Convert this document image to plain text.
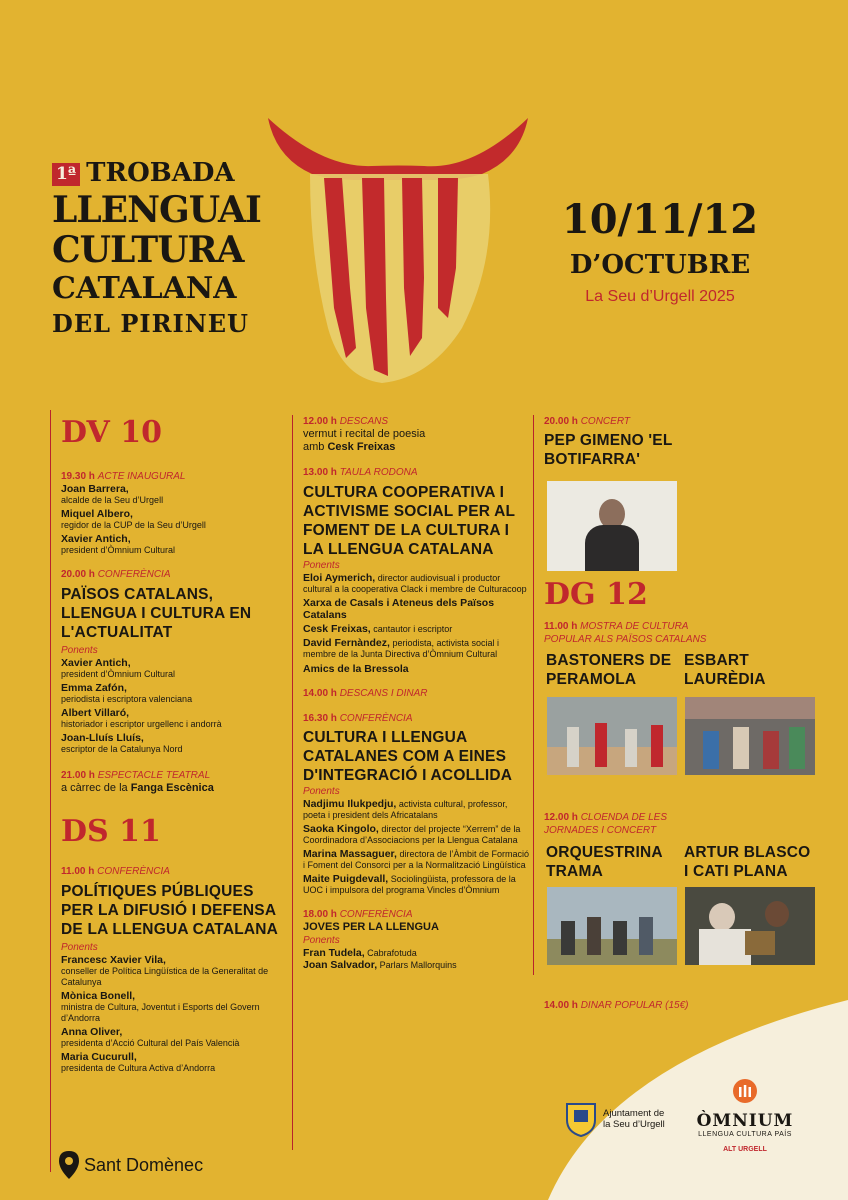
1ª TROBADA
LLENGUAI
CULTURA
CATALANA
DEL PIRINEU
10/11/12
D’OCTUBRE
La Seu d’Urgell 2025
DV 10
19.30 h ACTE INAUGURAL
Joan Barrera,
alcalde de la Seu d’Urgell
Miquel Albero,
regidor de la CUP de la Seu d’Urgell
Xavier Antich,
president d’Òmnium Cultural
20.00 h CONFERÈNCIA
PAÏSOS CATALANS, LLENGUA I CULTURA EN L'ACTUALITAT
Ponents
Xavier Antich,
president d’Òmnium Cultural
Emma Zafón,
periodista i escriptora valenciana
Albert Villaró,
historiador i escriptor urgellenc i andorrà
Joan-Lluís Lluís,
escriptor de la Catalunya Nord
21.00 h ESPECTACLE TEATRAL
a càrrec de la Fanga Escènica
DS 11
11.00 h CONFERÈNCIA
POLÍTIQUES PÚBLIQUES PER LA DIFUSIÓ I DEFENSA DE LA LLENGUA CATALANA
Ponents
Francesc Xavier Vila,
conseller de Política Lingüística de la Generalitat de Catalunya
Mònica Bonell,
ministra de Cultura, Joventut i Esports del Govern d’Andorra
Anna Oliver,
presidenta d’Acció Cultural del País Valencià
Maria Cucurull,
presidenta de Cultura Activa d’Andorra
12.00 h DESCANS
vermut i recital de poesia
amb Cesk Freixas
13.00 h TAULA RODONA
CULTURA COOPERATIVA I ACTIVISME SOCIAL PER AL FOMENT DE LA CULTURA I LA LLENGUA CATALANA
Ponents
Eloi Aymerich, director audiovisual i productor cultural a la cooperativa Clack i membre de Culturacoop
Xarxa de Casals i Ateneus dels Països Catalans
Cesk Freixas, cantautor i escriptor
David Fernàndez, periodista, activista social i membre de la Junta Directiva d’Òmnium Cultural
Amics de la Bressola
14.00 h DESCANS I DINAR
16.30 h CONFERÈNCIA
CULTURA I LLENGUA CATALANES COM A EINES D'INTEGRACIÓ I ACOLLIDA
Ponents
Nadjimu Ilukpedju, activista cultural, professor, poeta i president dels Africatalans
Saoka Kingolo, director del projecte “Xerrem” de la Coordinadora d’Associacions per la Llengua Catalana
Marina Massaguer, directora de l’Àmbit de Formació i Foment del Consorci per a la Normalització Lingüística
Maite Puigdevall, Sociolingüista, professora de la UOC i impulsora del programa Vincles d’Òmnium
18.00 h CONFERÈNCIA
JOVES PER LA LLENGUA
Ponents
Fran Tudela, Cabrafotuda
Joan Salvador, Parlars Mallorquins
20.00 h CONCERT
PEP GIMENO 'EL BOTIFARRA'
DG 12
11.00 h MOSTRA DE CULTURA POPULAR ALS PAÏSOS CATALANS
BASTONERS DE PERAMOLA
ESBART LAURÈDIA
12.00 h CLOENDA DE LES JORNADES I CONCERT
ORQUESTRINA TRAMA
ARTUR BLASCO I CATI PLANA
14.00 h DINAR POPULAR (15€)
Ajuntament de
la Seu d’Urgell	ÒMNIUM
LLENGUA CULTURA PAÍS
ALT URGELL
Sant Domènec
